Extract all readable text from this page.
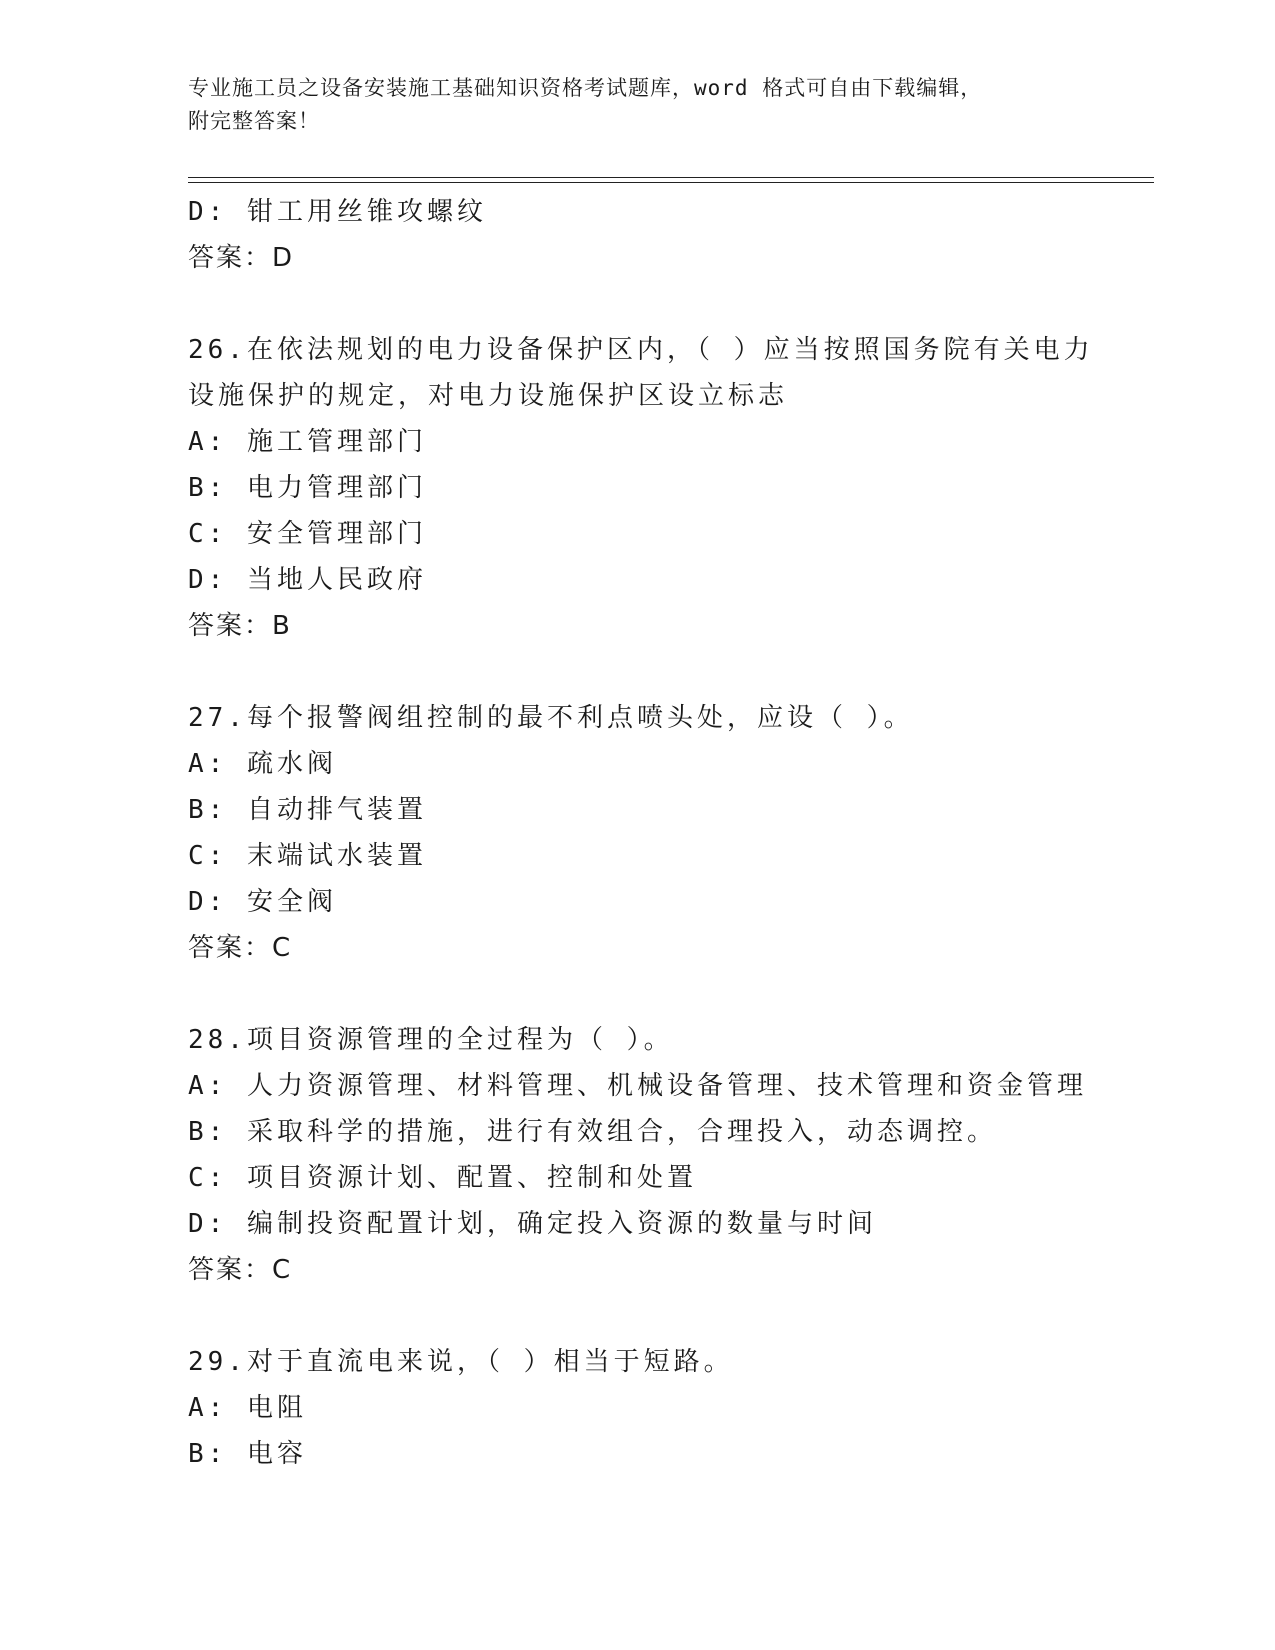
专业施工员之设备安装施工基础知识资格考试题库，word 格式可自由下载编辑，
附完整答案！
D: 钳工用丝锥攻螺纹
答案：D
26.在依法规划的电力设备保护区内，（ ）应当按照国务院有关电力
设施保护的规定，对电力设施保护区设立标志
A: 施工管理部门
B: 电力管理部门
C: 安全管理部门
D: 当地人民政府
答案：B
27.每个报警阀组控制的最不利点喷头处，应设（ ）。
A: 疏水阀
B: 自动排气装置
C: 末端试水装置
D: 安全阀
答案：C
28.项目资源管理的全过程为（ ）。
A: 人力资源管理、材料管理、机械设备管理、技术管理和资金管理
B: 采取科学的措施，进行有效组合，合理投入，动态调控。
C: 项目资源计划、配置、控制和处置
D: 编制投资配置计划，确定投入资源的数量与时间
答案：C
29.对于直流电来说，（ ）相当于短路。
A: 电阻
B: 电容
